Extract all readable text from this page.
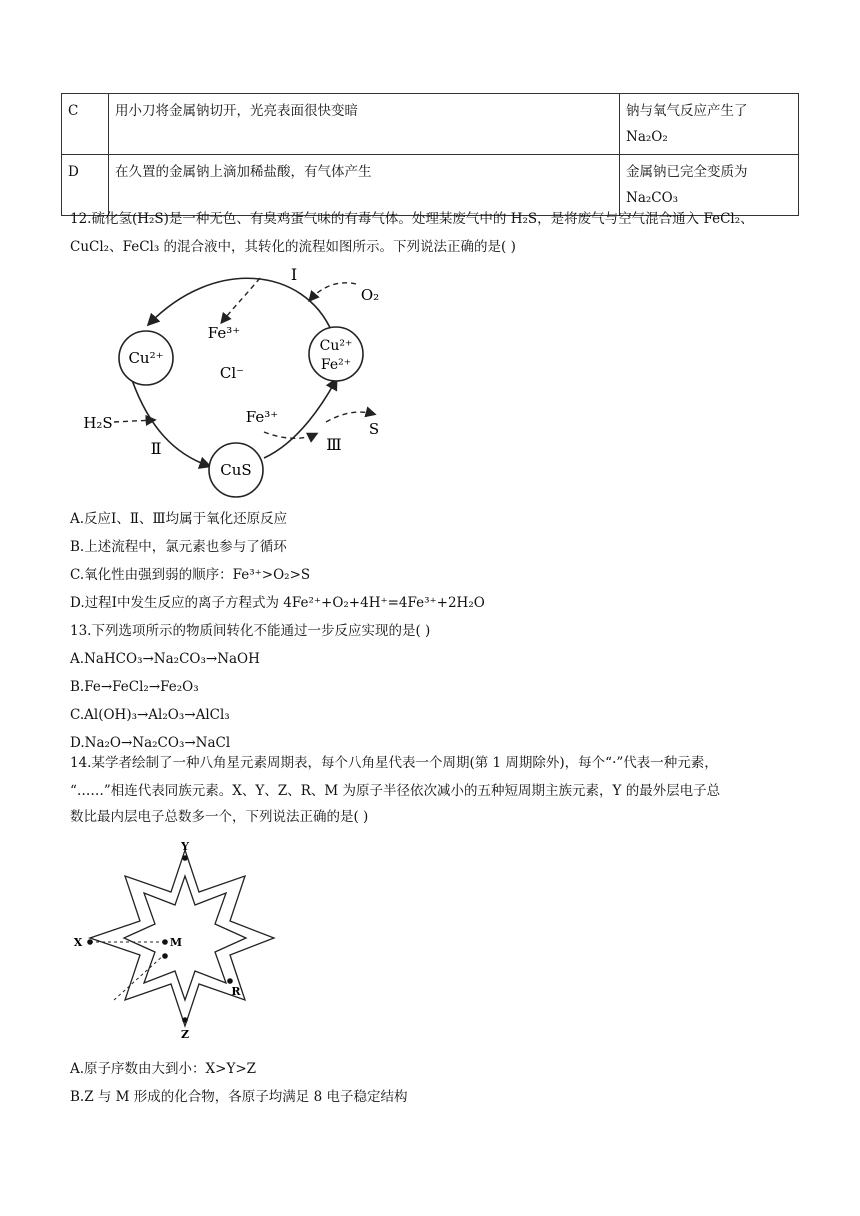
C	用小刀将金属钠切开，光亮表面很快变暗	钠与氧气反应产生了
Na₂O₂

D	在久置的金属钠上滴加稀盐酸，有气体产生	金属钠已完全变质为
Na₂CO₃
12.硫化氢(H₂S)是一种无色、有臭鸡蛋气味的有毒气体。处理某废气中的 H₂S，是将废气与空气混合通入 FeCl₂、
CuCl₂、FeCl₃ 的混合液中，其转化的流程如图所示。下列说法正确的是( )
Cu²⁺
Cu²⁺
Fe²⁺
CuS
Fe³⁺
Cl⁻
O₂
H₂S	Fe³⁺
S
Ⅰ
Ⅱ	Ⅲ
A.反应Ⅰ、Ⅱ、Ⅲ均属于氧化还原反应
B.上述流程中，氯元素也参与了循环
C.氧化性由强到弱的顺序：Fe³⁺>O₂>S
D.过程Ⅰ中发生反应的离子方程式为 4Fe²⁺+O₂+4H⁺=4Fe³⁺+2H₂O
13.下列选项所示的物质间转化不能通过一步反应实现的是( )
A.NaHCO₃→Na₂CO₃→NaOH
B.Fe→FeCl₂→Fe₂O₃
C.Al(OH)₃→Al₂O₃→AlCl₃
D.Na₂O→Na₂CO₃→NaCl
14.某学者绘制了一种八角星元素周期表，每个八角星代表一个周期(第 1 周期除外)，每个“·”代表一种元素，
“……”相连代表同族元素。X、Y、Z、R、M 为原子半径依次减小的五种短周期主族元素，Y 的最外层电子总
数比最内层电子总数多一个，下列说法正确的是( )
Y
X	M
R
Z
A.原子序数由大到小：X>Y>Z
B.Z 与 M 形成的化合物，各原子均满足 8 电子稳定结构
